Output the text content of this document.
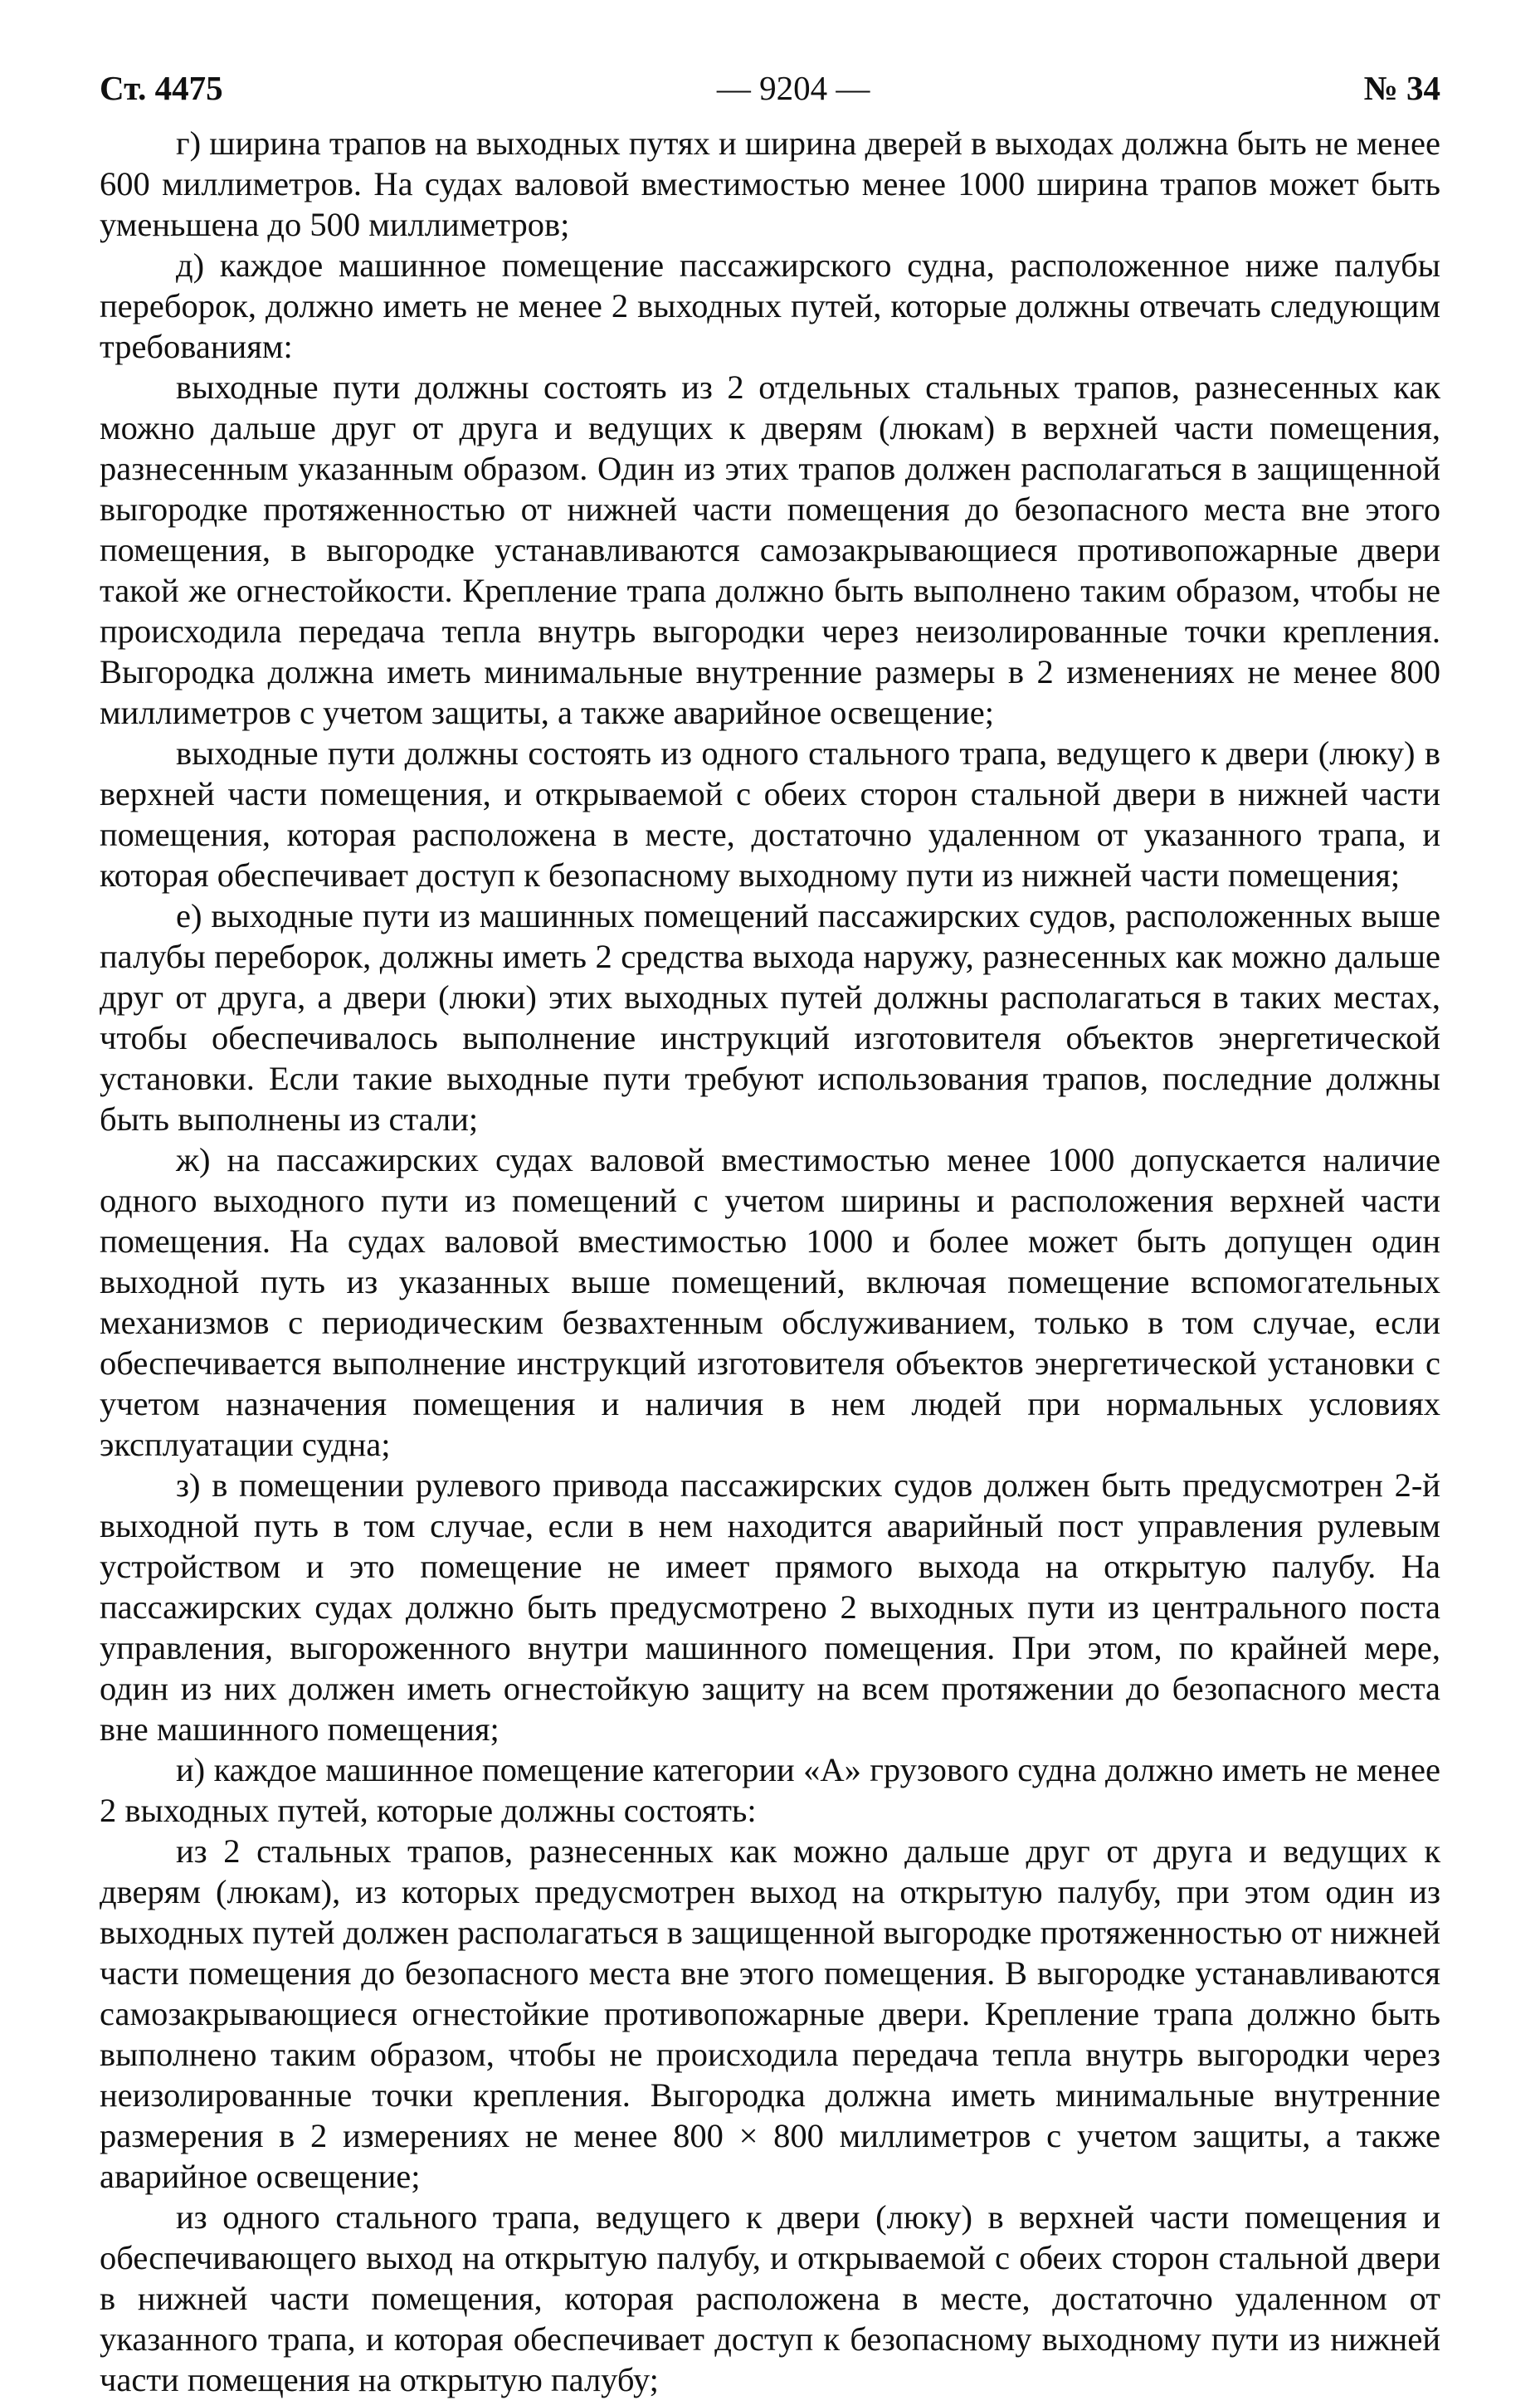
Ст. 4475	— 9204 —	№ 34

г) ширина трапов на выходных путях и ширина дверей в выходах должна быть не менее 600 миллиметров. На судах валовой вместимостью менее 1000 ширина трапов может быть уменьшена до 500 миллиметров;

д) каждое машинное помещение пассажирского судна, расположенное ниже палубы переборок, должно иметь не менее 2 выходных путей, которые должны отвечать следующим требованиям:

выходные пути должны состоять из 2 отдельных стальных трапов, разнесенных как можно дальше друг от друга и ведущих к дверям (люкам) в верхней части помещения, разнесенным указанным образом. Один из этих трапов должен располагаться в защищенной выгородке протяженностью от нижней части помещения до безопасного места вне этого помещения, в выгородке устанавливаются самозакрывающиеся противопожарные двери такой же огнестойкости. Крепление трапа должно быть выполнено таким образом, чтобы не происходила передача тепла внутрь выгородки через неизолированные точки крепления. Выгородка должна иметь минимальные внутренние размеры в 2 изменениях не менее 800 миллиметров с учетом защиты, а также аварийное освещение;

выходные пути должны состоять из одного стального трапа, ведущего к двери (люку) в верхней части помещения, и открываемой с обеих сторон стальной двери в нижней части помещения, которая расположена в месте, достаточно удаленном от указанного трапа, и которая обеспечивает доступ к безопасному выходному пути из нижней части помещения;

е) выходные пути из машинных помещений пассажирских судов, расположенных выше палубы переборок, должны иметь 2 средства выхода наружу, разнесенных как можно дальше друг от друга, а двери (люки) этих выходных путей должны располагаться в таких местах, чтобы обеспечивалось выполнение инструкций изготовителя объектов энергетической установки. Если такие выходные пути требуют использования трапов, последние должны быть выполнены из стали;

ж) на пассажирских судах валовой вместимостью менее 1000 допускается наличие одного выходного пути из помещений с учетом ширины и расположения верхней части помещения. На судах валовой вместимостью 1000 и более может быть допущен один выходной путь из указанных выше помещений, включая помещение вспомогательных механизмов с периодическим безвахтенным обслуживанием, только в том случае, если обеспечивается выполнение инструкций изготовителя объектов энергетической установки с учетом назначения помещения и наличия в нем людей при нормальных условиях эксплуатации судна;

з) в помещении рулевого привода пассажирских судов должен быть предусмотрен 2-й выходной путь в том случае, если в нем находится аварийный пост управления рулевым устройством и это помещение не имеет прямого выхода на открытую палубу. На пассажирских судах должно быть предусмотрено 2 выходных пути из центрального поста управления, выгороженного внутри машинного помещения. При этом, по крайней мере, один из них должен иметь огнестойкую защиту на всем протяжении до безопасного места вне машинного помещения;

и) каждое машинное помещение категории «А» грузового судна должно иметь не менее 2 выходных путей, которые должны состоять:

из 2 стальных трапов, разнесенных как можно дальше друг от друга и ведущих к дверям (люкам), из которых предусмотрен выход на открытую палубу, при этом один из выходных путей должен располагаться в защищенной выгородке протяженностью от нижней части помещения до безопасного места вне этого помещения. В выгородке устанавливаются самозакрывающиеся огнестойкие противопожарные двери. Крепление трапа должно быть выполнено таким образом, чтобы не происходила передача тепла внутрь выгородки через неизолированные точки крепления. Выгородка должна иметь минимальные внутренние размерения в 2 измерениях не менее 800 × 800 миллиметров с учетом защиты, а также аварийное освещение;

из одного стального трапа, ведущего к двери (люку) в верхней части помещения и обеспечивающего выход на открытую палубу, и открываемой с обеих сторон стальной двери в нижней части помещения, которая расположена в месте, достаточно удаленном от указанного трапа, и которая обеспечивает доступ к безопасному выходному пути из нижней части помещения на открытую палубу;
